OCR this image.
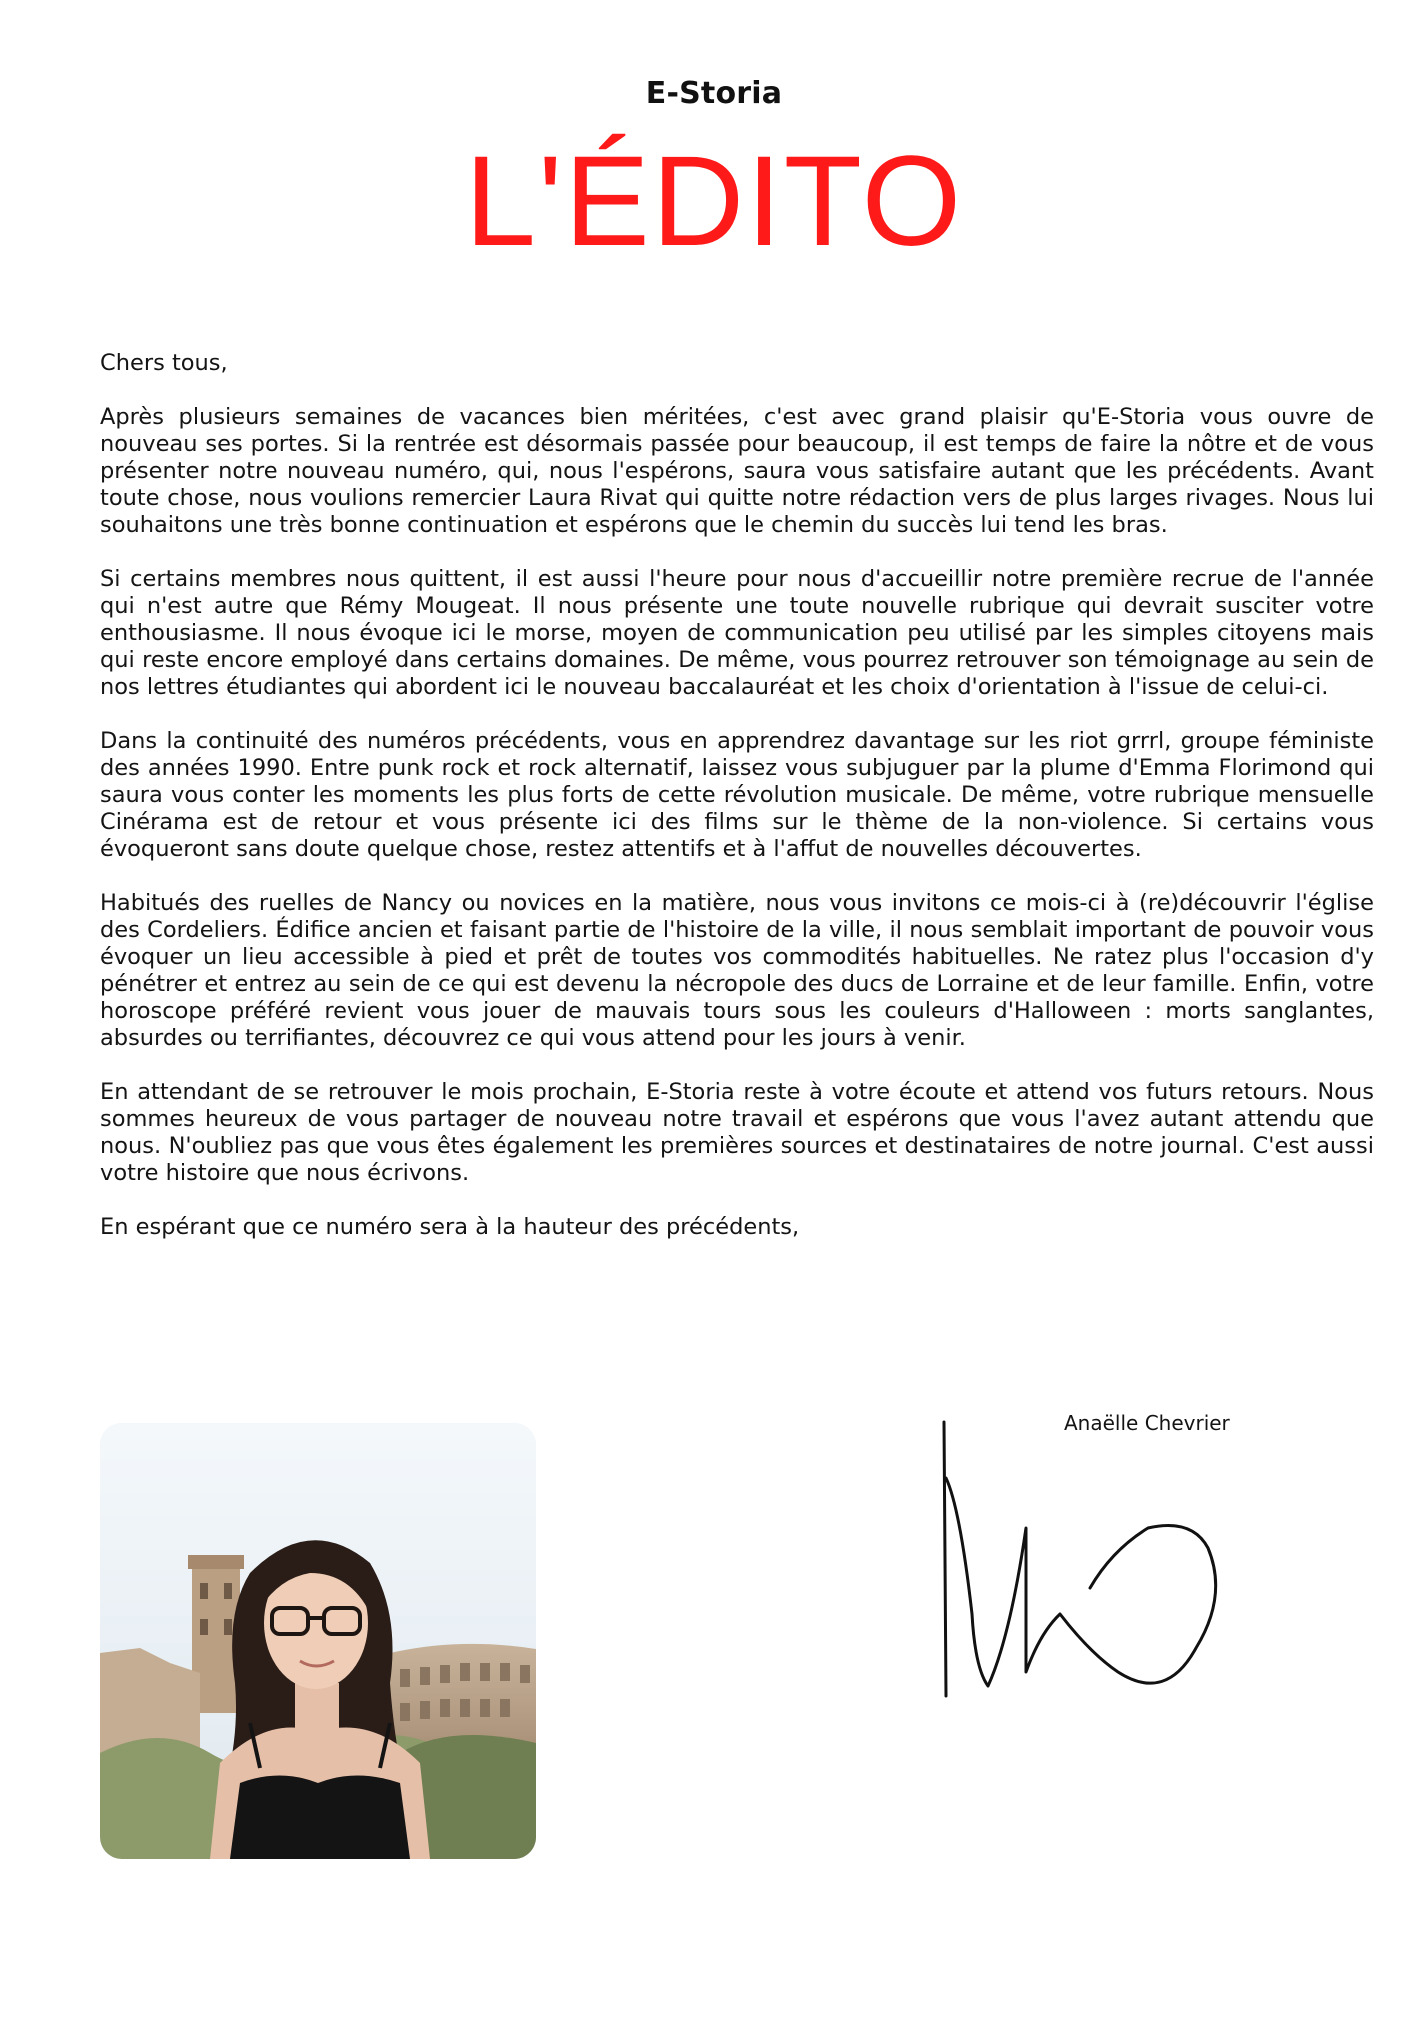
E-Storia
L'ÉDITO

Chers tous,

Après plusieurs semaines de vacances bien méritées, c'est avec grand plaisir qu'E-Storia vous ouvre de nouveau ses portes. Si la rentrée est désormais passée pour beaucoup, il est temps de faire la nôtre et de vous présenter notre nouveau numéro, qui, nous l'espérons, saura vous satisfaire autant que les précédents. Avant toute chose, nous voulions remercier Laura Rivat qui quitte notre rédaction vers de plus larges rivages. Nous lui souhaitons une très bonne continuation et espérons que le chemin du succès lui tend les bras.

Si certains membres nous quittent, il est aussi l'heure pour nous d'accueillir notre première recrue de l'année qui n'est autre que Rémy Mougeat. Il nous présente une toute nouvelle rubrique qui devrait susciter votre enthousiasme. Il nous évoque ici le morse, moyen de communication peu utilisé par les simples citoyens mais qui reste encore employé dans certains domaines. De même, vous pourrez retrouver son témoignage au sein de nos lettres étudiantes qui abordent ici le nouveau baccalauréat et les choix d'orientation à l'issue de celui-ci.

Dans la continuité des numéros précédents, vous en apprendrez davantage sur les riot grrrl, groupe féministe des années 1990. Entre punk rock et rock alternatif, laissez vous subjuguer par la plume d'Emma Florimond qui saura vous conter les moments les plus forts de cette révolution musicale. De même, votre rubrique mensuelle Cinérama est de retour et vous présente ici des films sur le thème de la non-violence. Si certains vous évoqueront sans doute quelque chose, restez attentifs et à l'affut de nouvelles découvertes.

Habitués des ruelles de Nancy ou novices en la matière, nous vous invitons ce mois-ci à (re)découvrir l'église des Cordeliers. Édifice ancien et faisant partie de l'histoire de la ville, il nous semblait important de pouvoir vous évoquer un lieu accessible à pied et prêt de toutes vos commodités habituelles. Ne ratez plus l'occasion d'y pénétrer et entrez au sein de ce qui est devenu la nécropole des ducs de Lorraine et de leur famille. Enfin, votre horoscope préféré revient vous jouer de mauvais tours sous les couleurs d'Halloween : morts sanglantes, absurdes ou terrifiantes, découvrez ce qui vous attend pour les jours à venir.

En attendant de se retrouver le mois prochain, E-Storia reste à votre écoute et attend vos futurs retours. Nous sommes heureux de vous partager de nouveau notre travail et espérons que vous l'avez autant attendu que nous. N'oubliez pas que vous êtes également les premières sources et destinataires de notre journal. C'est aussi votre histoire que nous écrivons.

En espérant que ce numéro sera à la hauteur des précédents,

Anaëlle Chevrier
